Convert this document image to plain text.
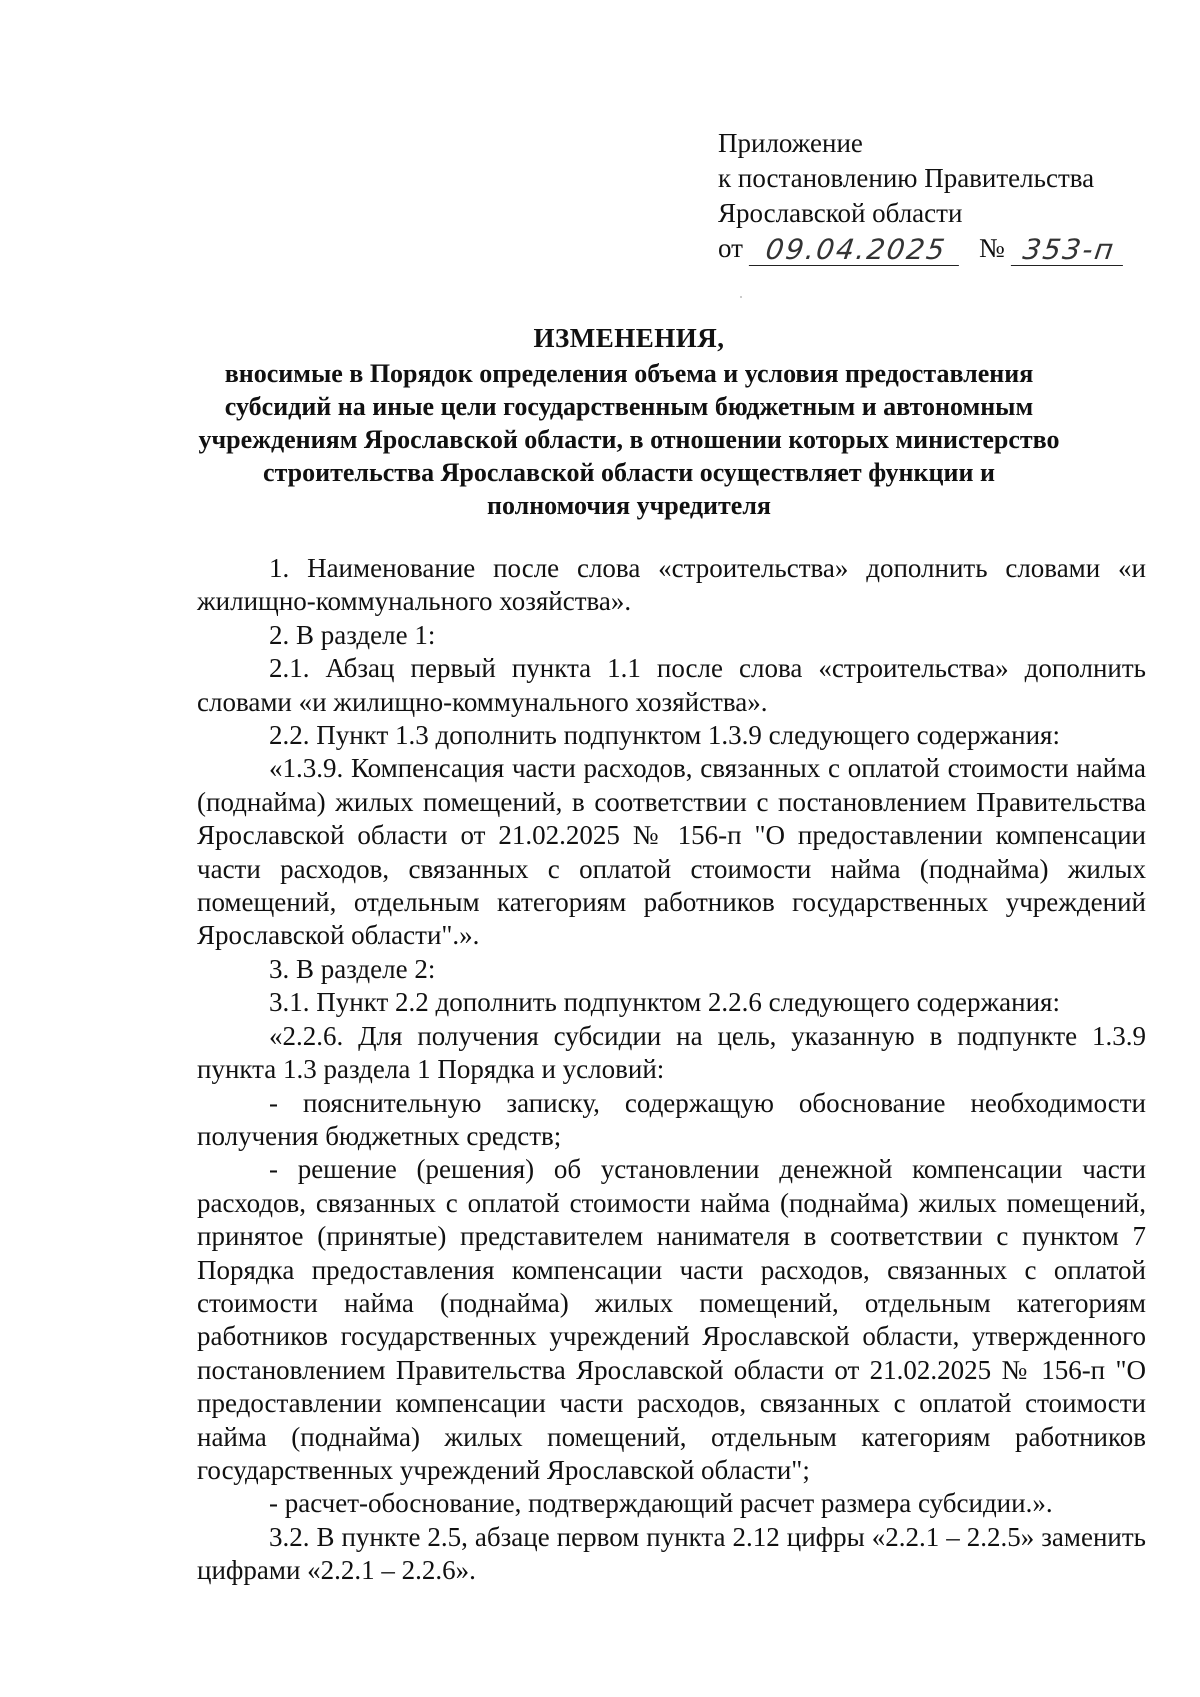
Приложение
к постановлению Правительства
Ярославской области
от 09.04.2025	№ 353-п
ИЗМЕНЕНИЯ,
вносимые в Порядок определения объема и условия предоставления
субсидий на иные цели государственным бюджетным и автономным
учреждениям Ярославской области, в отношении которых министерство
строительства Ярославской области осуществляет функции и
полномочия учредителя

1. Наименование после слова «строительства» дополнить словами «и жилищно-коммунального хозяйства».

2. В разделе 1:

2.1. Абзац первый пункта 1.1 после слова «строительства» дополнить словами «и жилищно-коммунального хозяйства».

2.2. Пункт 1.3 дополнить подпунктом 1.3.9 следующего содержания:

«1.3.9. Компенсация части расходов, связанных с оплатой стоимости найма (поднайма) жилых помещений, в соответствии с постановлением Правительства Ярославской области от 21.02.2025 № 156-п "О предоставлении компенсации части расходов, связанных с оплатой стоимости найма (поднайма) жилых помещений, отдельным категориям работников государственных учреждений Ярославской области".».

3. В разделе 2:

3.1. Пункт 2.2 дополнить подпунктом 2.2.6 следующего содержания:

«2.2.6. Для получения субсидии на цель, указанную в подпункте 1.3.9 пункта 1.3 раздела 1 Порядка и условий:

- пояснительную записку, содержащую обоснование необходимости получения бюджетных средств;

- решение (решения) об установлении денежной компенсации части расходов, связанных с оплатой стоимости найма (поднайма) жилых помещений, принятое (принятые) представителем нанимателя в соответствии с пунктом 7 Порядка предоставления компенсации части расходов, связанных с оплатой стоимости найма (поднайма) жилых помещений, отдельным категориям работников государственных учреждений Ярославской области, утвержденного постановлением Правительства Ярославской области от 21.02.2025 № 156-п "О предоставлении компенсации части расходов, связанных с оплатой стоимости найма (поднайма) жилых помещений, отдельным категориям работников государственных учреждений Ярославской области";

- расчет-обоснование, подтверждающий расчет размера субсидии.».

3.2. В пункте 2.5, абзаце первом пункта 2.12 цифры «2.2.1 – 2.2.5» заменить цифрами «2.2.1 – 2.2.6».
